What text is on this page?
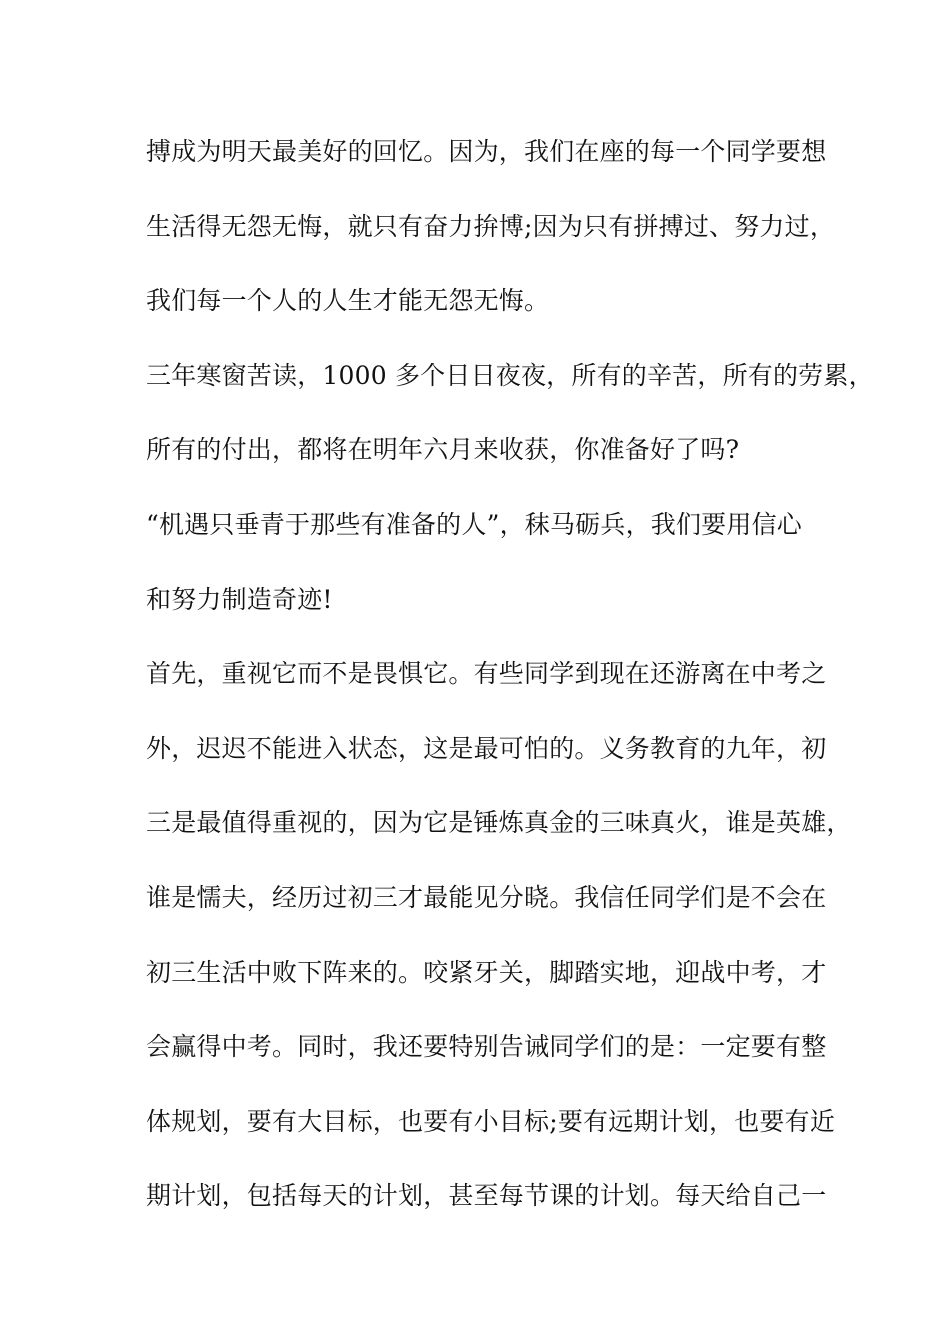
搏成为明天最美好的回忆。因为，我们在座的每一个同学要想
生活得无怨无悔，就只有奋力拚博;因为只有拼搏过、努力过，
我们每一个人的人生才能无怨无悔。
三年寒窗苦读，1000 多个日日夜夜，所有的辛苦，所有的劳累，
所有的付出，都将在明年六月来收获，你准备好了吗?
“机遇只垂青于那些有准备的人”，秣马砺兵，我们要用信心
和努力制造奇迹!
首先，重视它而不是畏惧它。有些同学到现在还游离在中考之
外，迟迟不能进入状态，这是最可怕的。义务教育的九年，初
三是最值得重视的，因为它是锤炼真金的三味真火，谁是英雄，
谁是懦夫，经历过初三才最能见分晓。我信任同学们是不会在
初三生活中败下阵来的。咬紧牙关，脚踏实地，迎战中考，才
会赢得中考。同时，我还要特别告诫同学们的是：一定要有整
体规划，要有大目标，也要有小目标;要有远期计划，也要有近
期计划，包括每天的计划，甚至每节课的计划。每天给自己一
